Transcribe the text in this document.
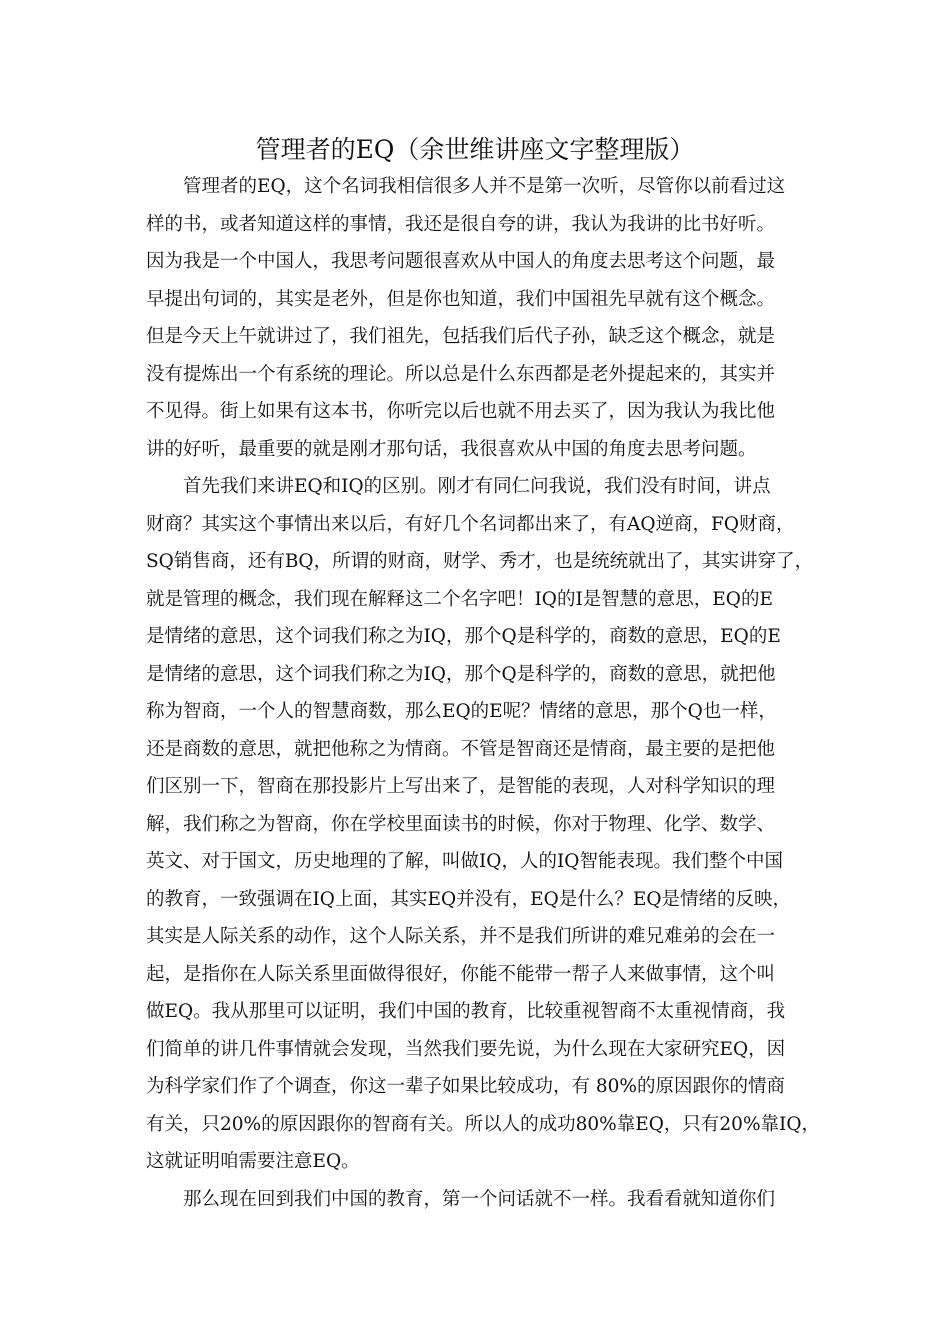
管理者的EQ（余世维讲座文字整理版）
管理者的EQ，这个名词我相信很多人并不是第一次听，尽管你以前看过这
样的书，或者知道这样的事情，我还是很自夸的讲，我认为我讲的比书好听。
因为我是一个中国人，我思考问题很喜欢从中国人的角度去思考这个问题，最
早提出句词的，其实是老外，但是你也知道，我们中国祖先早就有这个概念。
但是今天上午就讲过了，我们祖先，包括我们后代子孙，缺乏这个概念，就是
没有提炼出一个有系统的理论。所以总是什么东西都是老外提起来的，其实并
不见得。街上如果有这本书，你听完以后也就不用去买了，因为我认为我比他
讲的好听，最重要的就是刚才那句话，我很喜欢从中国的角度去思考问题。
首先我们来讲EQ和IQ的区别。刚才有同仁问我说，我们没有时间，讲点
财商？其实这个事情出来以后，有好几个名词都出来了，有AQ逆商，FQ财商，
SQ销售商，还有BQ，所谓的财商，财学、秀才，也是统统就出了，其实讲穿了，
就是管理的概念，我们现在解释这二个名字吧！IQ的I是智慧的意思，EQ的E
是情绪的意思，这个词我们称之为IQ，那个Q是科学的，商数的意思，EQ的E
是情绪的意思，这个词我们称之为IQ，那个Q是科学的，商数的意思，就把他
称为智商，一个人的智慧商数，那么EQ的E呢？情绪的意思，那个Q也一样，
还是商数的意思，就把他称之为情商。不管是智商还是情商，最主要的是把他
们区别一下，智商在那投影片上写出来了，是智能的表现，人对科学知识的理
解，我们称之为智商，你在学校里面读书的时候，你对于物理、化学、数学、
英文、对于国文，历史地理的了解，叫做IQ，人的IQ智能表现。我们整个中国
的教育，一致强调在IQ上面，其实EQ并没有，EQ是什么？EQ是情绪的反映，
其实是人际关系的动作，这个人际关系，并不是我们所讲的难兄难弟的会在一
起，是指你在人际关系里面做得很好，你能不能带一帮子人来做事情，这个叫
做EQ。我从那里可以证明，我们中国的教育，比较重视智商不太重视情商，我
们简单的讲几件事情就会发现，当然我们要先说，为什么现在大家研究EQ，因
为科学家们作了个调查，你这一辈子如果比较成功，有 80%的原因跟你的情商
有关，只20%的原因跟你的智商有关。所以人的成功80%靠EQ，只有20%靠IQ，
这就证明咱需要注意EQ。
那么现在回到我们中国的教育，第一个问话就不一样。我看看就知道你们
